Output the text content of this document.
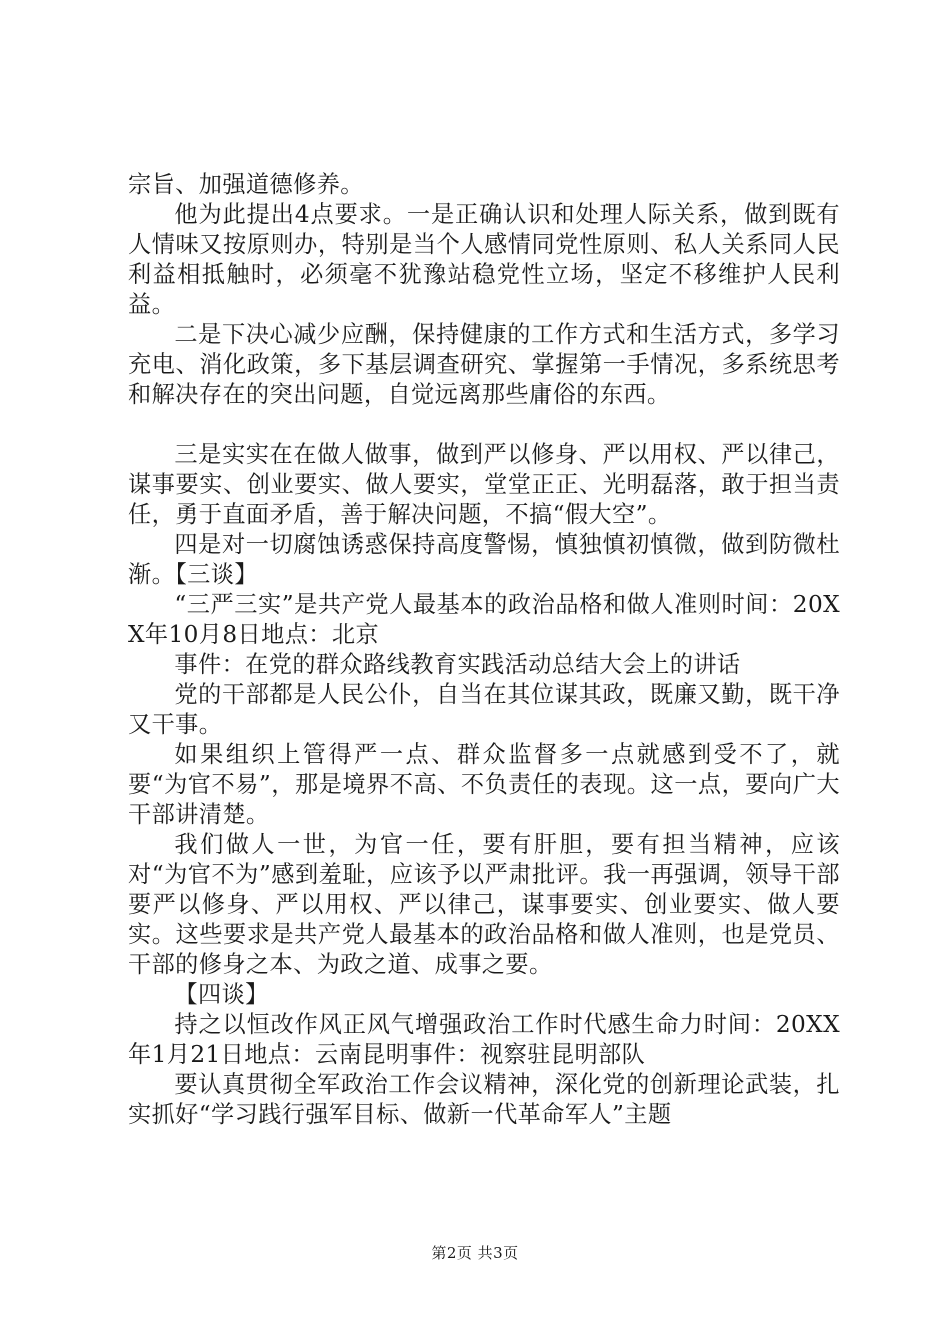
宗旨、加强道德修养。

他为此提出4点要求。一是正确认识和处理人际关系，做到既有人情味又按原则办，特别是当个人感情同党性原则、私人关系同人民利益相抵触时，必须毫不犹豫站稳党性立场，坚定不移维护人民利益。

二是下决心减少应酬，保持健康的工作方式和生活方式，多学习充电、消化政策，多下基层调查研究、掌握第一手情况，多系统思考和解决存在的突出问题，自觉远离那些庸俗的东西。

三是实实在在做人做事，做到严以修身、严以用权、严以律己，谋事要实、创业要实、做人要实，堂堂正正、光明磊落，敢于担当责任，勇于直面矛盾，善于解决问题，不搞“假大空”。

四是对一切腐蚀诱惑保持高度警惕，慎独慎初慎微，做到防微杜渐。【三谈】

“三严三实”是共产党人最基本的政治品格和做人准则时间：20XX年10月8日地点：北京

事件：在党的群众路线教育实践活动总结大会上的讲话

党的干部都是人民公仆，自当在其位谋其政，既廉又勤，既干净又干事。

如果组织上管得严一点、群众监督多一点就感到受不了，就要“为官不易”，那是境界不高、不负责任的表现。这一点，要向广大干部讲清楚。

我们做人一世，为官一任，要有肝胆，要有担当精神，应该对“为官不为”感到羞耻，应该予以严肃批评。我一再强调，领导干部要严以修身、严以用权、严以律己，谋事要实、创业要实、做人要实。这些要求是共产党人最基本的政治品格和做人准则，也是党员、干部的修身之本、为政之道、成事之要。

【四谈】

持之以恒改作风正风气增强政治工作时代感生命力时间：20XX年1月21日地点：云南昆明事件：视察驻昆明部队

要认真贯彻全军政治工作会议精神，深化党的创新理论武装，扎实抓好“学习践行强军目标、做新一代革命军人”主题

第2页 共3页
